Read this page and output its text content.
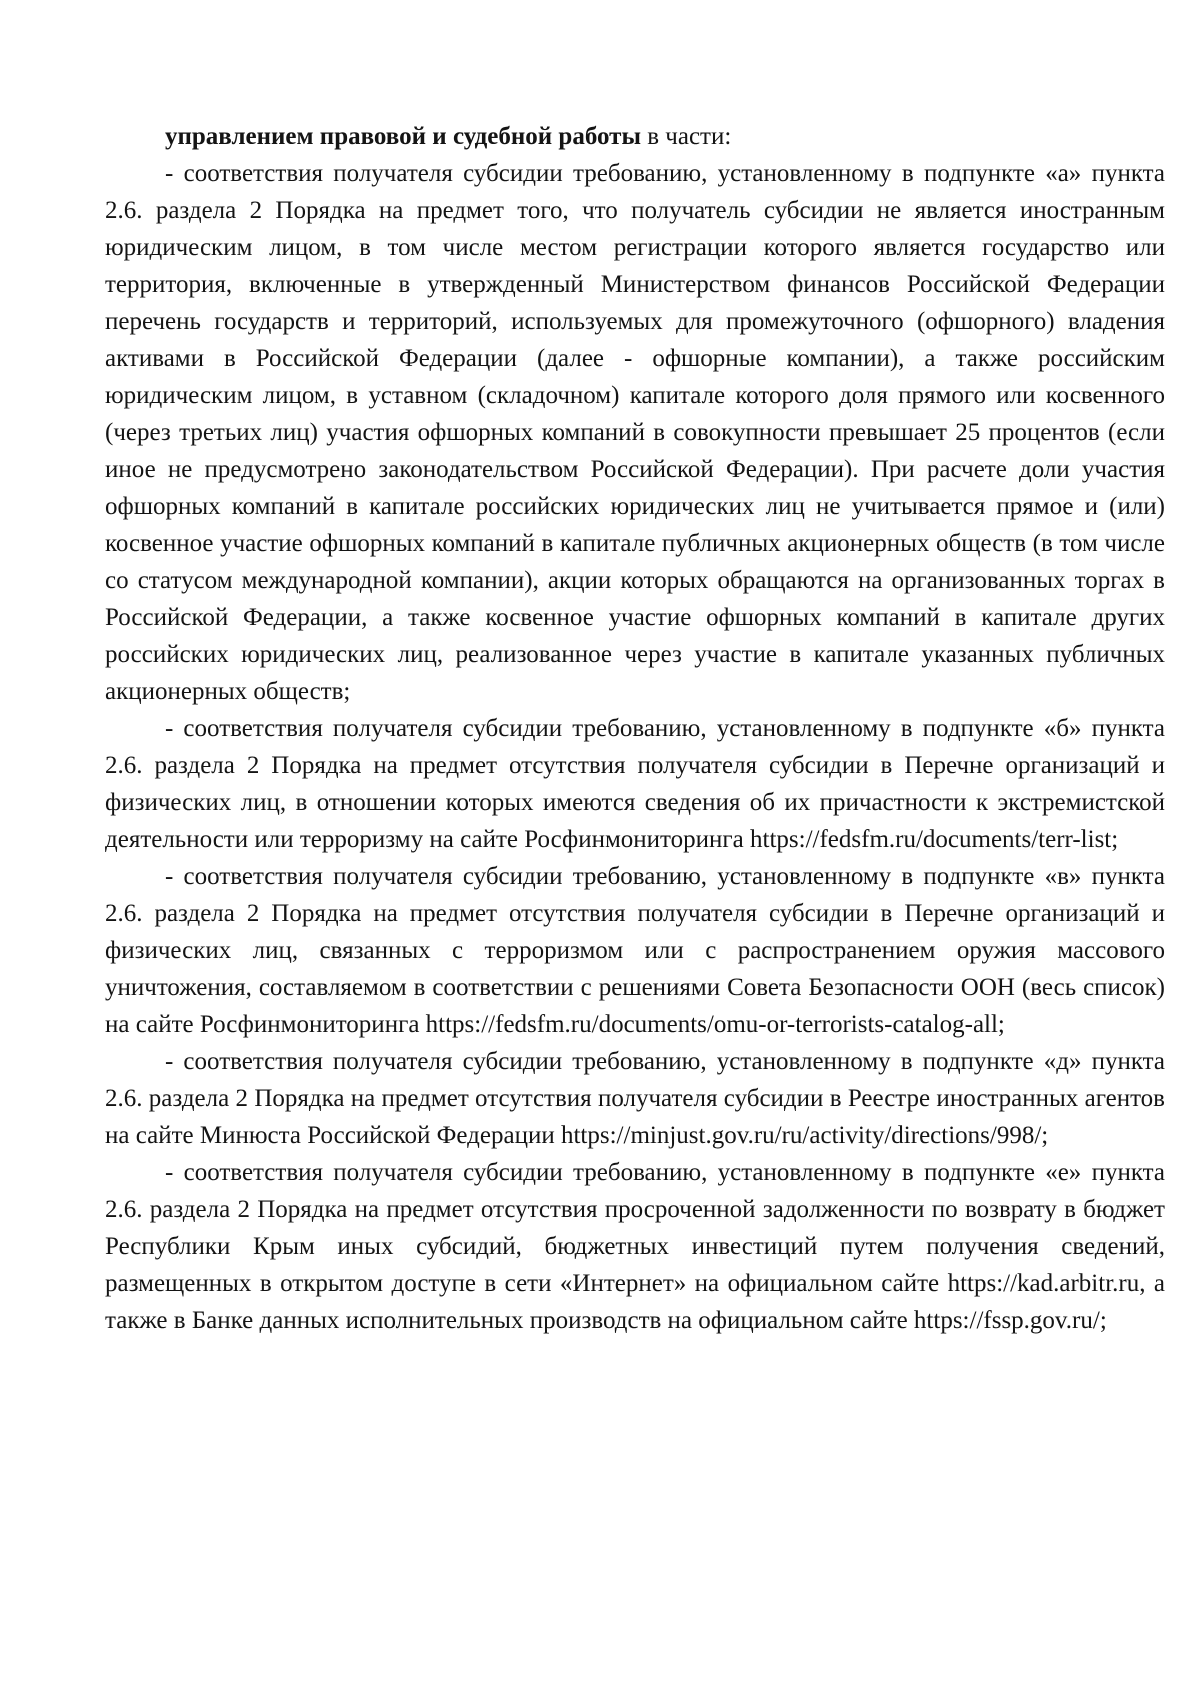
управлением правовой и судебной работы в части:

- соответствия получателя субсидии требованию, установленному в подпункте «а» пункта 2.6. раздела 2 Порядка на предмет того, что получатель субсидии не является иностранным юридическим лицом, в том числе местом регистрации которого является государство или территория, включенные в утвержденный Министерством финансов Российской Федерации перечень государств и территорий, используемых для промежуточного (офшорного) владения активами в Российской Федерации (далее - офшорные компании), а также российским юридическим лицом, в уставном (складочном) капитале которого доля прямого или косвенного (через третьих лиц) участия офшорных компаний в совокупности превышает 25 процентов (если иное не предусмотрено законодательством Российской Федерации). При расчете доли участия офшорных компаний в капитале российских юридических лиц не учитывается прямое и (или) косвенное участие офшорных компаний в капитале публичных акционерных обществ (в том числе со статусом международной компании), акции которых обращаются на организованных торгах в Российской Федерации, а также косвенное участие офшорных компаний в капитале других российских юридических лиц, реализованное через участие в капитале указанных публичных акционерных обществ;

- соответствия получателя субсидии требованию, установленному в подпункте «б» пункта 2.6. раздела 2 Порядка на предмет отсутствия получателя субсидии в Перечне организаций и физических лиц, в отношении которых имеются сведения об их причастности к экстремистской деятельности или терроризму на сайте Росфинмониторинга https://fedsfm.ru/documents/terr-list;

- соответствия получателя субсидии требованию, установленному в подпункте «в» пункта 2.6. раздела 2 Порядка на предмет отсутствия получателя субсидии в Перечне организаций и физических лиц, связанных с терроризмом или с распространением оружия массового уничтожения, составляемом в соответствии с решениями Совета Безопасности ООН (весь список) на сайте Росфинмониторинга https://fedsfm.ru/documents/omu-or-terrorists-catalog-all;

- соответствия получателя субсидии требованию, установленному в подпункте «д» пункта 2.6. раздела 2 Порядка на предмет отсутствия получателя субсидии в Реестре иностранных агентов на сайте Минюста Российской Федерации https://minjust.gov.ru/ru/activity/directions/998/;

- соответствия получателя субсидии требованию, установленному в подпункте «е» пункта 2.6. раздела 2 Порядка на предмет отсутствия просроченной задолженности по возврату в бюджет Республики Крым иных субсидий, бюджетных инвестиций путем получения сведений, размещенных в открытом доступе в сети «Интернет» на официальном сайте https://kad.arbitr.ru, а также в Банке данных исполнительных производств на официальном сайте https://fssp.gov.ru/;
